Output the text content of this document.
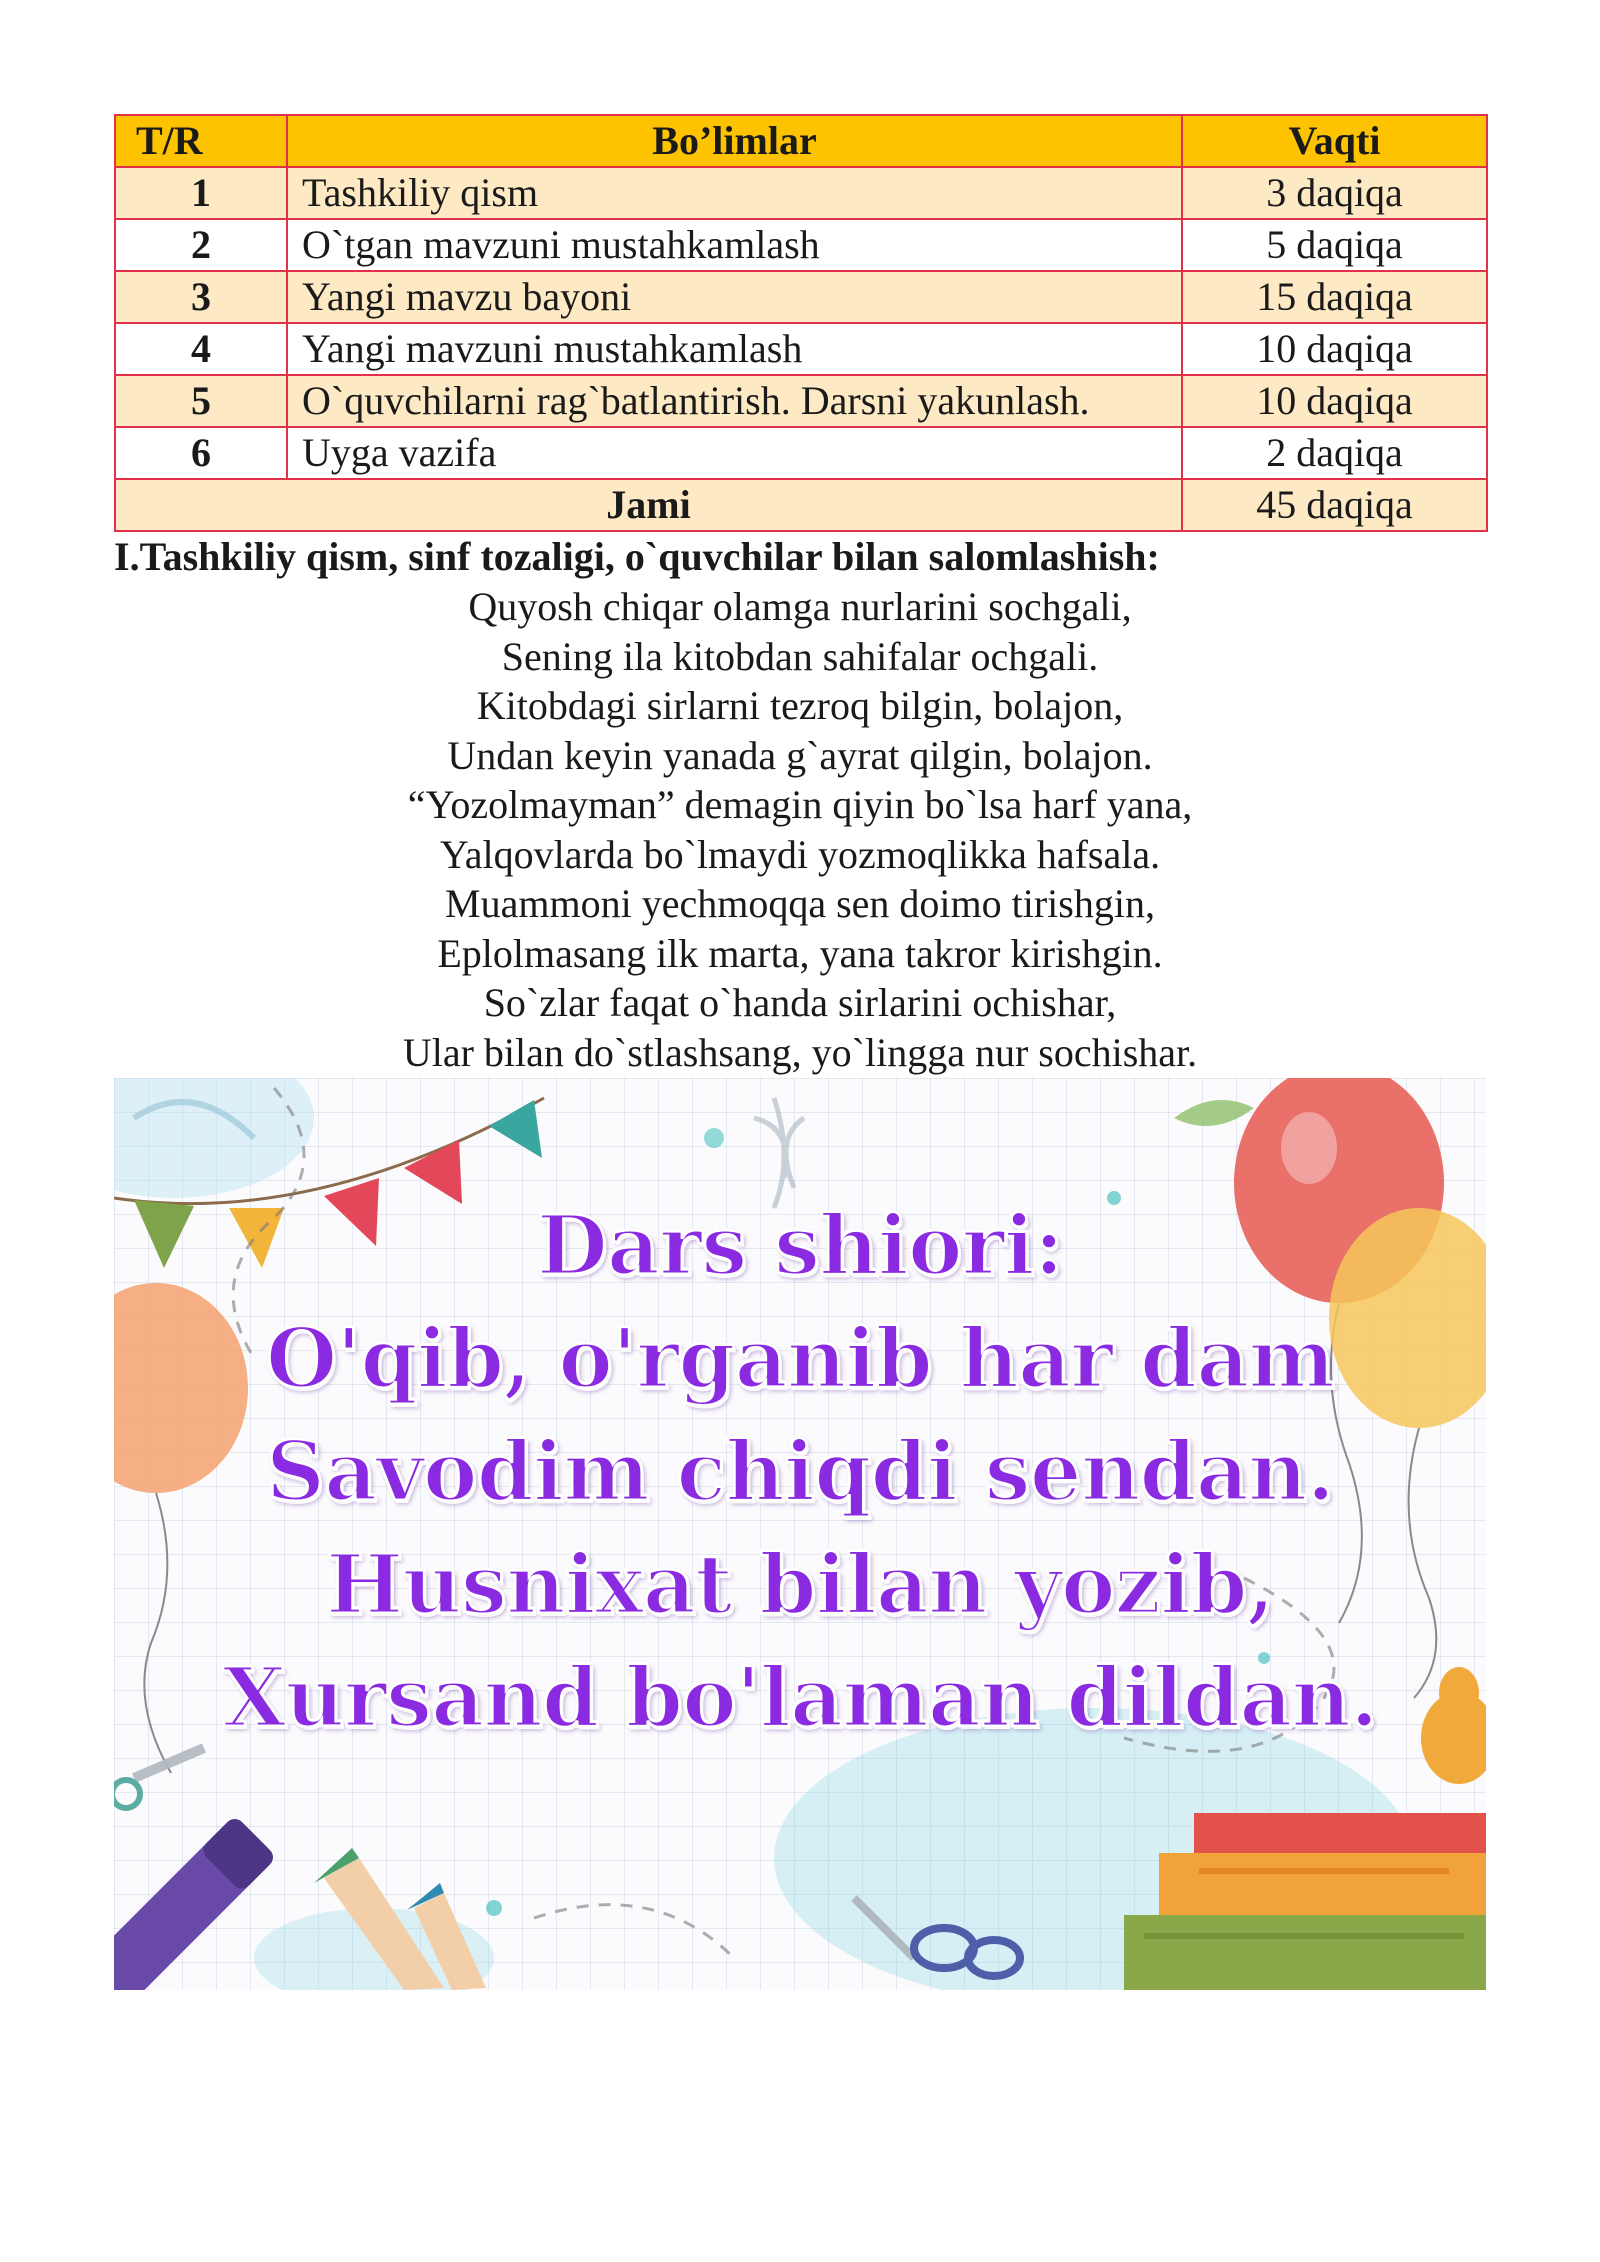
T/R	Bo’limlar	Vaqti
1	Tashkiliy qism	3 daqiqa
2	O`tgan mavzuni mustahkamlash	5 daqiqa
3	Yangi mavzu bayoni	15 daqiqa
4	Yangi mavzuni mustahkamlash	10 daqiqa
5	O`quvchilarni rag`batlantirish. Darsni yakunlash.	10 daqiqa
6	Uyga vazifa	2 daqiqa
Jami		45 daqiqa
I.Tashkiliy qism, sinf tozaligi, o`quvchilar bilan salomlashish:
Quyosh chiqar olamga nurlarini sochgali,
Sening ila kitobdan sahifalar ochgali.
Kitobdagi sirlarni tezroq bilgin, bolajon,
Undan keyin yanada g`ayrat qilgin, bolajon.
“Yozolmayman” demagin qiyin bo`lsa harf yana,
Yalqovlarda bo`lmaydi yozmoqlikka hafsala.
Muammoni yechmoqqa sen doimo tirishgin,
Eplolmasang ilk marta, yana takror kirishgin.
So`zlar faqat o`handa sirlarini ochishar,
Ular bilan do`stlashsang, yo`lingga nur sochishar.
Dars shiori:
O'qib, o'rganib har dam
Savodim chiqdi sendan.
Husnixat bilan yozib,
Xursand bo'laman dildan.
